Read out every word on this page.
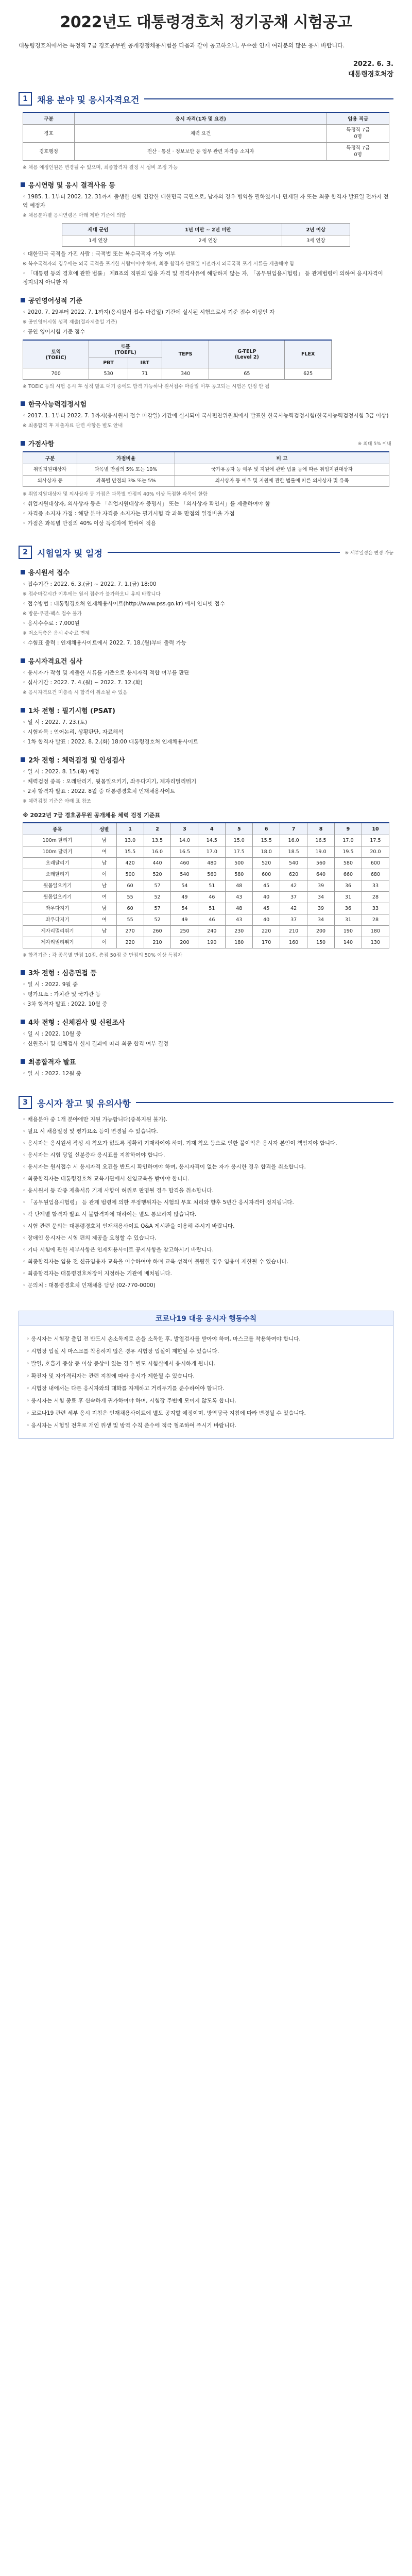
2022년도 대통령경호처 정기공채 시험공고
대통령경호처에서는 특정직 7급 경호공무원 공개경쟁채용시험을 다음과 같이 공고하오니, 우수한 인재 여러분의 많은 응시 바랍니다.
2022. 6. 3.
대통령경호처장
1	채용 분야 및 응시자격요건
구분	응시 자격(1차 및 요건)	임용 직급
경호	체력 요건	특정직 7급
0명
경호행정	전산 · 통신 · 정보보안 등 업무 관련 자격증 소지자	특정직 7급
0명
※ 채용 예정인원은 변경될 수 있으며, 최종합격자 결정 시 성비 조정 가능
응시연령 및 응시 결격사유 등
◦ 1985. 1. 1부터 2002. 12. 31까지 출생한 신체 건강한 대한민국 국민으로, 남자의 경우 병역을 필하였거나 면제된 자 또는 최종 합격자 발표일 전까지 전역 예정자
※ 채용분야별 응시연령은 아래 제한 기준에 의함
제대 군인	1년 미만 ~ 2년 미만	2년 이상
1세 연장	2세 연장	3세 연장
◦ 대한민국 국적을 가진 사람 : 국적법 또는 복수국적자 가능 여부
※ 복수국적자의 경우에는 외국 국적을 포기한 사람이어야 하며, 최종 합격자 발표일 이전까지 외국국적 포기 서류를 제출해야 함
◦ 「대통령 등의 경호에 관한 법률」 제8조의 직원의 임용 자격 및 결격사유에 해당하지 않는 자, 「공무원임용시험령」 등 관계법령에 의하여 응시자격이 정지되지 아니한 자
공인영어성적 기준
◦ 2020. 7. 29부터 2022. 7. 1까지(응시원서 접수 마감일) 기간에 실시된 시험으로서 기준 점수 이상인 자
※ 공인영어시험 성적 제출(결과제출일 기준)
◦ 공인 영어시험 기준 점수
토익
(TOEIC)	토플
(TOEFL)		TEPS	G-TELP
(Level 2)	FLEX
	PBT	IBT			
700	530	71	340	65	625
※ TOEIC 등의 시험 응시 후 성적 발표 대기 중에도 합격 가능하나 원서접수 마감일 이후 공고되는 시험은 인정 안 됨
한국사능력검정시험
◦ 2017. 1. 1부터 2022. 7. 1까지(응시원서 접수 마감일) 기간에 실시되어 국사편찬위원회에서 발표한 한국사능력검정시험(한국사능력검정시험 3급 이상)
※ 최종합격 후 제출자료 관련 사항은 별도 안내
가점사항	※ 최대 5% 이내
구분	가점비율	비 고
취업지원대상자	과목별 만점의 5% 또는 10%	국가유공자 등 예우 및 지원에 관한 법률 등에 따른 취업지원대상자
의사상자 등	과목별 만점의 3% 또는 5%	의사상자 등 예우 및 지원에 관한 법률에 따른 의사상자 및 유족
※ 취업지원대상자 및 의사상자 등 가점은 과목별 만점의 40% 이상 득점한 과목에 한함
◦ 취업지원대상자, 의사상자 등은 「취업지원대상자 증명서」 또는 「의사상자 확인서」를 제출하여야 함
◦ 자격증 소지자 가점 : 해당 분야 자격증 소지자는 필기시험 각 과목 만점의 일정비율 가점
◦ 가점은 과목별 만점의 40% 이상 득점자에 한하여 적용
2	시험일자 및 일정	※ 세부일정은 변경 가능
응시원서 접수
◦ 접수기간 : 2022. 6. 3.(금) ~ 2022. 7. 1.(금) 18:00
※ 접수마감시간 이후에는 원서 접수가 불가하오니 유의 바랍니다
◦ 접수방법 : 대통령경호처 인재채용사이트(http://www.pss.go.kr) 에서 인터넷 접수
※ 방문·우편·팩스 접수 불가
◦ 응시수수료 : 7,000원
※ 저소득층은 응시 수수료 면제
◦ 수험표 출력 : 인재채용사이트에서 2022. 7. 18.(월)부터 출력 가능
응시자격요건 심사
◦ 응시자가 작성 및 제출한 서류를 기준으로 응시자격 적합 여부를 판단
◦ 심사기간 : 2022. 7. 4.(월) ~ 2022. 7. 12.(화)
※ 응시자격요건 미충족 시 합격이 취소될 수 있음
1차 전형 : 필기시험 (PSAT)
◦ 일 시 : 2022. 7. 23.(토)
◦ 시험과목 : 언어논리, 상황판단, 자료해석
◦ 1차 합격자 발표 : 2022. 8. 2.(화) 18:00 대통령경호처 인재채용사이트
2차 전형 : 체력검정 및 인성검사
◦ 일 시 : 2022. 8. 15.(목) 예정
◦ 체력검정 종목 : 오래달리기, 윗몸일으키기, 좌우다지기, 제자리멀리뛰기
◦ 2차 합격자 발표 : 2022. 8월 중 대통령경호처 인재채용사이트
※ 체력검정 기준은 아래 표 참조
※ 2022년 7급 경호공무원 공개채용 체력 검정 기준표
종목	성별	1	2	3	4	5	6	7	8	9	10
100m 달리기	남	13.0	13.5	14.0	14.5	15.0	15.5	16.0	16.5	17.0	17.5
100m 달리기	여	15.5	16.0	16.5	17.0	17.5	18.0	18.5	19.0	19.5	20.0
오래달리기	남	420	440	460	480	500	520	540	560	580	600
오래달리기	여	500	520	540	560	580	600	620	640	660	680
윗몸일으키기	남	60	57	54	51	48	45	42	39	36	33
윗몸일으키기	여	55	52	49	46	43	40	37	34	31	28
좌우다지기	남	60	57	54	51	48	45	42	39	36	33
좌우다지기	여	55	52	49	46	43	40	37	34	31	28
제자리멀리뛰기	남	270	260	250	240	230	220	210	200	190	180
제자리멀리뛰기	여	220	210	200	190	180	170	160	150	140	130
※ 합격기준 : 각 종목별 만점 10점, 총점 50점 중 만점의 50% 이상 득점자
3차 전형 : 심층면접 등
◦ 일 시 : 2022. 9월 중
◦ 평가요소 : 가치관 및 국가관 등
◦ 3차 합격자 발표 : 2022. 10월 중
4차 전형 : 신체검사 및 신원조사
◦ 일 시 : 2022. 10월 중
◦ 신원조사 및 신체검사 실시 결과에 따라 최종 합격 여부 결정
최종합격자 발표
◦ 일 시 : 2022. 12월 중
3	응시자 참고 및 유의사항
◦ 채용분야 중 1개 분야에만 지원 가능합니다(중복지원 불가).
◦ 필요 시 채용일정 및 평가요소 등이 변경될 수 있습니다.
◦ 응시자는 응시원서 작성 시 착오가 없도록 정확히 기재하여야 하며, 기재 착오 등으로 인한 불이익은 응시자 본인이 책임져야 합니다.
◦ 응시자는 시험 당일 신분증과 응시표를 지참하여야 합니다.
◦ 응시자는 원서접수 시 응시자격 요건을 반드시 확인하여야 하며, 응시자격이 없는 자가 응시한 경우 합격을 취소합니다.
◦ 최종합격자는 대통령경호처 교육기관에서 신임교육을 받아야 합니다.
◦ 응시원서 등 각종 제출서류 기재 사항이 허위로 판명될 경우 합격을 취소합니다.
◦ 「공무원임용시험령」 등 관계 법령에 의한 부정행위자는 시험의 무효 처리와 향후 5년간 응시자격이 정지됩니다.
◦ 각 단계별 합격자 발표 시 불합격자에 대하여는 별도 통보하지 않습니다.
◦ 시험 관련 문의는 대통령경호처 인재채용사이트 Q&A 게시판을 이용해 주시기 바랍니다.
◦ 장애인 응시자는 시험 편의 제공을 요청할 수 있습니다.
◦ 기타 시험에 관한 세부사항은 인재채용사이트 공지사항을 참고하시기 바랍니다.
◦ 최종합격자는 임용 전 신규임용자 교육을 이수하여야 하며 교육 성적이 불량한 경우 임용이 제한될 수 있습니다.
◦ 최종합격자는 대통령경호처장이 지정하는 기관에 배치됩니다.
◦ 문의처 : 대통령경호처 인재채용 담당 (02-770-0000)
코로나19 대응 응시자 행동수칙
◦ 응시자는 시험장 출입 전 반드시 손소독제로 손을 소독한 후, 발열검사를 받아야 하며, 마스크를 착용하여야 합니다.
◦ 시험장 입실 시 마스크를 착용하지 않은 경우 시험장 입실이 제한될 수 있습니다.
◦ 발열, 호흡기 증상 등 이상 증상이 있는 경우 별도 시험실에서 응시하게 됩니다.
◦ 확진자 및 자가격리자는 관련 지침에 따라 응시가 제한될 수 있습니다.
◦ 시험장 내에서는 다른 응시자와의 대화를 자제하고 거리두기를 준수하여야 합니다.
◦ 응시자는 시험 종료 후 신속하게 귀가하여야 하며, 시험장 주변에 모이지 않도록 합니다.
◦ 코로나19 관련 세부 응시 지침은 인재채용사이트에 별도 공지할 예정이며, 방역당국 지침에 따라 변경될 수 있습니다.
◦ 응시자는 시험일 전후로 개인 위생 및 방역 수칙 준수에 적극 협조하여 주시기 바랍니다.
